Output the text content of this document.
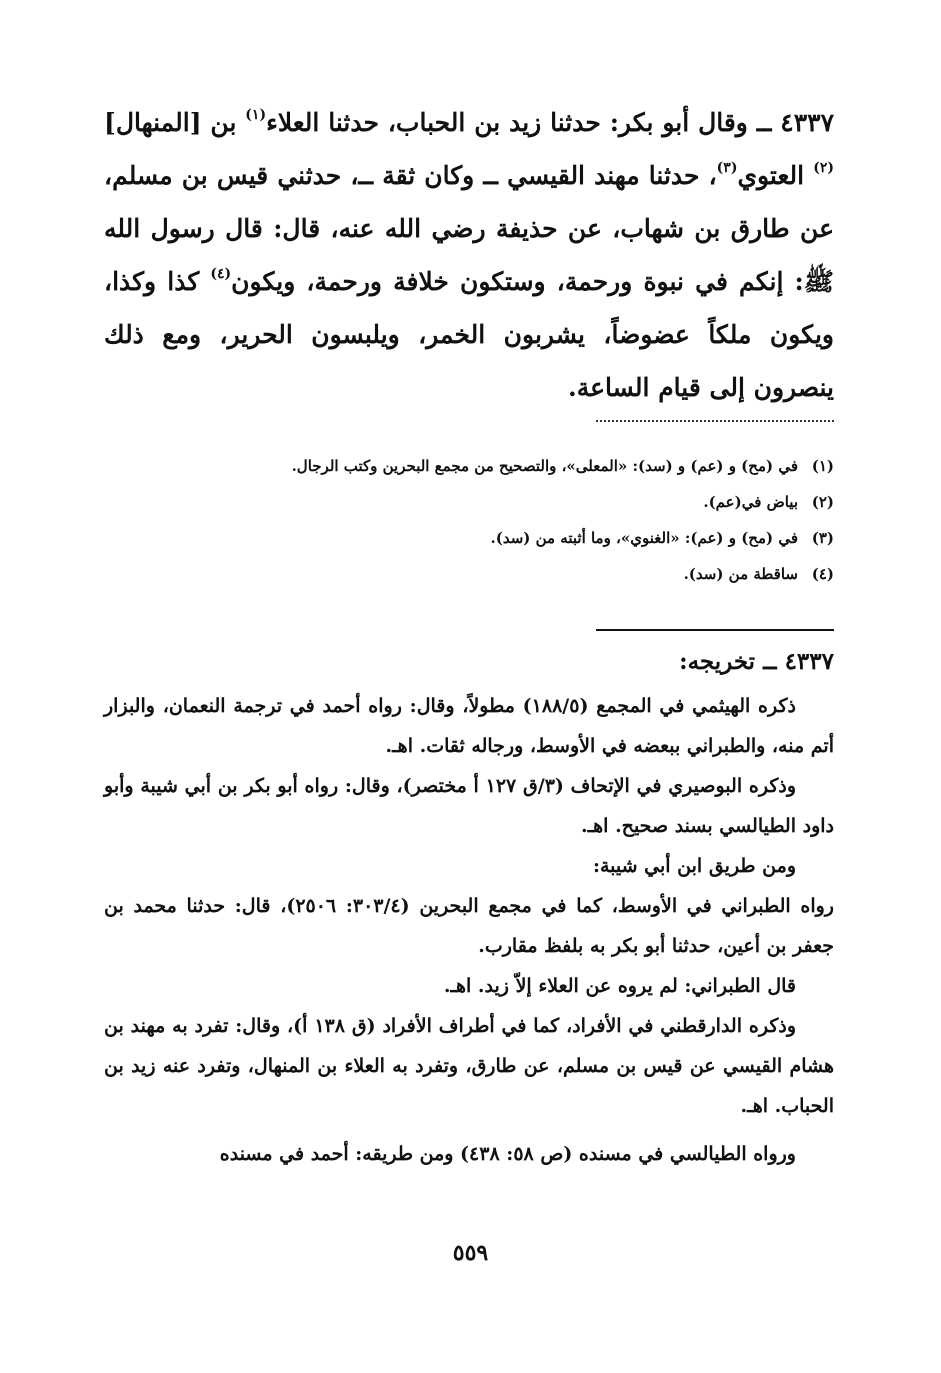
٤٣٣٧ ــ وقال أبو بكر: حدثنا زيد بن الحباب، حدثنا العلاء$^{(١)}$ بن [المنهال]$^{(٢)}$ العتوي$^{(٣)}$، حدثنا مهند القيسي ــ وكان ثقة ــ، حدثني قيس بن مسلم، عن طارق بن شهاب، عن حذيفة رضي الله عنه، قال: قال رسول الله ﷺ: إنكم في نبوة ورحمة، وستكون خلافة ورحمة، ويكون$^{(٤)}$ كذا وكذا، ويكون ملكاً عضوضاً، يشربون الخمر، ويلبسون الحرير، ومع ذلك ينصرون إلى قيام الساعة.

(١)في (مح) و (عم) و (سد): «المعلى»، والتصحيح من مجمع البحرين وكتب الرجال.
(٢)بياض في(عم).
(٣)في (مح) و (عم): «الغنوي»، وما أثبته من (سد).
(٤)ساقطة من (سد).
٤٣٣٧ ــ تخريجه:

ذكره الهيثمي في المجمع (١٨٨/٥) مطولاً، وقال: رواه أحمد في ترجمة النعمان، والبزار أتم منه، والطبراني ببعضه في الأوسط، ورجاله ثقات. اهـ.

وذكره البوصيري في الإتحاف (٣/ق ١٢٧ أ مختصر)، وقال: رواه أبو بكر بن أبي شيبة وأبو داود الطيالسي بسند صحيح. اهـ.

ومن طريق ابن أبي شيبة:

رواه الطبراني في الأوسط، كما في مجمع البحرين (٣٠٣/٤: ٢٥٠٦)، قال: حدثنا محمد بن جعفر بن أعين، حدثنا أبو بكر به بلفظ مقارب.

قال الطبراني: لم يروه عن العلاء إلاّ زيد. اهـ.

وذكره الدارقطني في الأفراد، كما في أطراف الأفراد (ق ١٣٨ أ)، وقال: تفرد به مهند بن هشام القيسي عن قيس بن مسلم، عن طارق، وتفرد به العلاء بن المنهال، وتفرد عنه زيد بن الحباب. اهـ.

ورواه الطيالسي في مسنده (ص ٥٨: ٤٣٨) ومن طريقه: أحمد في مسنده

٥٥٩
